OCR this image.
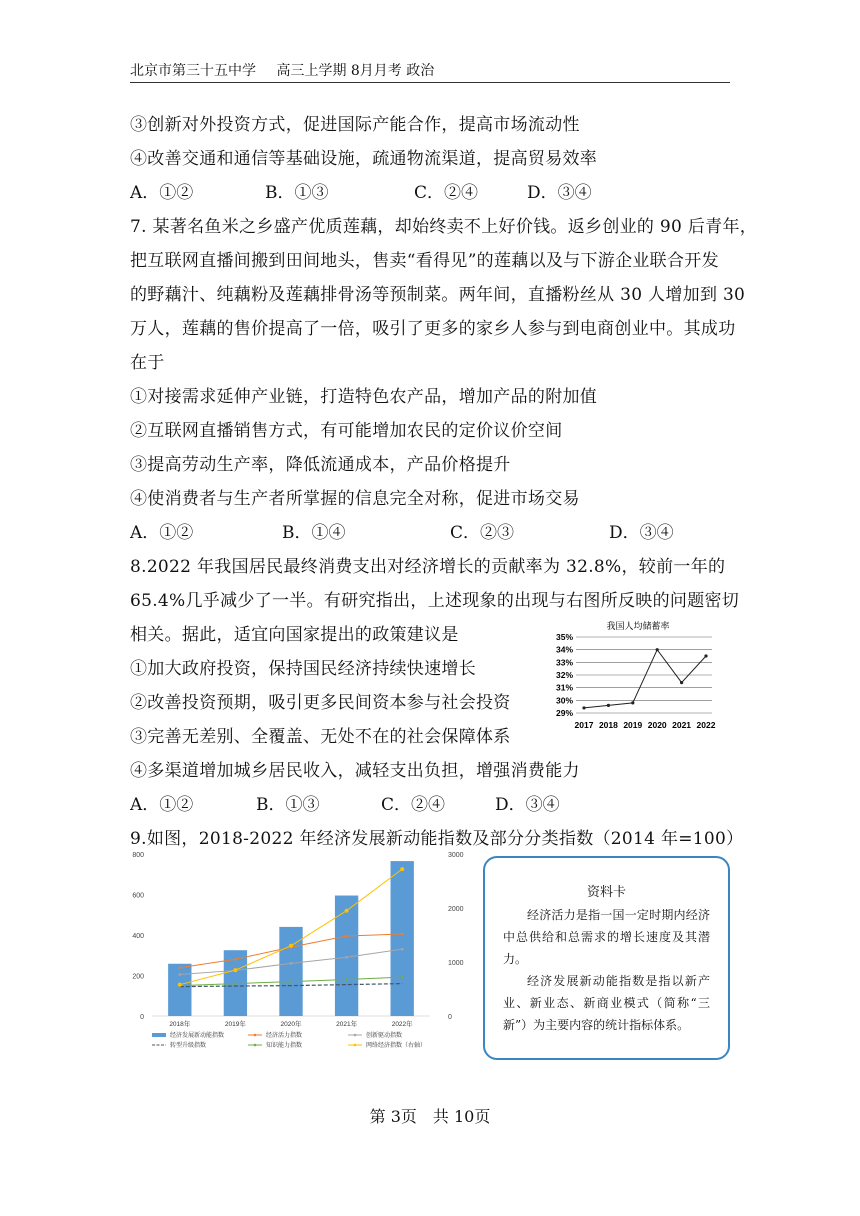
北京市第三十五中学 高三上学期 8月月考 政治
③创新对外投资方式，促进国际产能合作，提高市场流动性
④改善交通和通信等基础设施，疏通物流渠道，提高贸易效率
A．①②	B．①③	C．②④	D．③④
7. 某著名鱼米之乡盛产优质莲藕，却始终卖不上好价钱。返乡创业的 90 后青年，
把互联网直播间搬到田间地头，售卖“看得见”的莲藕以及与下游企业联合开发
的野藕汁、纯藕粉及莲藕排骨汤等预制菜。两年间，直播粉丝从 30 人增加到 30
万人，莲藕的售价提高了一倍，吸引了更多的家乡人参与到电商创业中。其成功
在于
①对接需求延伸产业链，打造特色农产品，增加产品的附加值
②互联网直播销售方式，有可能增加农民的定价议价空间
③提高劳动生产率，降低流通成本，产品价格提升
④使消费者与生产者所掌握的信息完全对称，促进市场交易
A．①②	B．①④	C．②③	D．③④
8.2022 年我国居民最终消费支出对经济增长的贡献率为 32.8%，较前一年的
65.4%几乎减少了一半。有研究指出，上述现象的出现与右图所反映的问题密切
相关。据此，适宜向国家提出的政策建议是
①加大政府投资，保持国民经济持续快速增长
②改善投资预期，吸引更多民间资本参与社会投资
③完善无差别、全覆盖、无处不在的社会保障体系
④多渠道增加城乡居民收入，减轻支出负担，增强消费能力
A．①②	B．①③	C．②④	D．③④
我国人均储蓄率
35%
34%
33%
32%
31%
30%
29%
2017 2018 2019 2020 2021 2022
9.如图，2018-2022 年经济发展新动能指数及部分分类指数（2014 年=100）
800
600
400
200
0
3000
2000
1000
0
2018年	2019年	2020年	2021年	2022年
经济发展新动能指数	经济活力指数	创新驱动指数
转型升级指数	知识能力指数	网络经济指数（右轴）
资料卡
经济活力是指一国一定时期内经济中总供给和总需求的增长速度及其潜力。
经济发展新动能指数是指以新产业、新业态、新商业模式（简称“三新”）为主要内容的统计指标体系。
第 3页　共 10页
